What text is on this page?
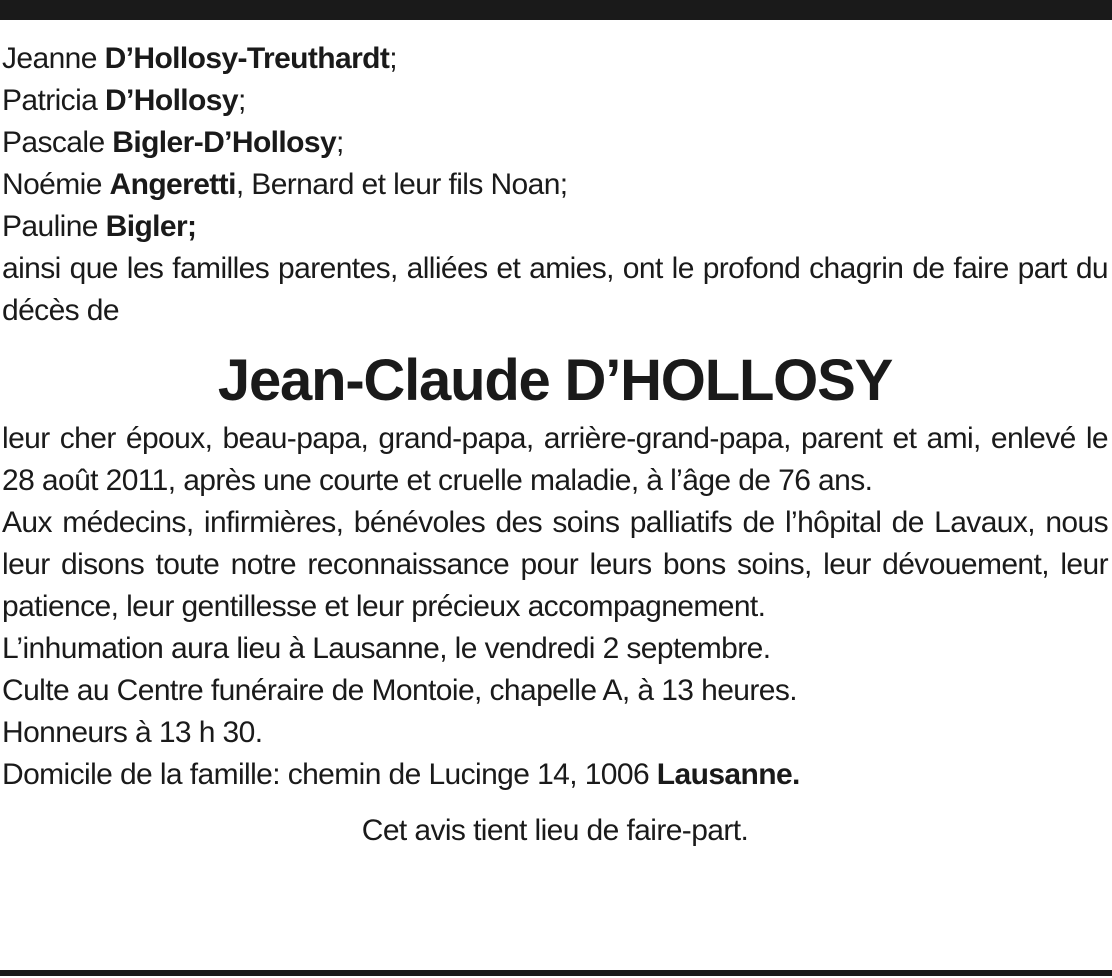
Jeanne D’Hollosy-Treuthardt;
Patricia D’Hollosy;
Pascale Bigler-D’Hollosy;
Noémie Angeretti, Bernard et leur fils Noan;
Pauline Bigler;
ainsi que les familles parentes, alliées et amies, ont le profond chagrin de faire part du décès de
Jean-Claude D’HOLLOSY
leur cher époux, beau-papa, grand-papa, arrière-grand-papa, parent et ami, enlevé le 28 août 2011, après une courte et cruelle maladie, à l’âge de 76 ans.
Aux médecins, infirmières, bénévoles des soins palliatifs de l’hôpital de Lavaux, nous leur disons toute notre reconnaissance pour leurs bons soins, leur dévouement, leur patience, leur gentillesse et leur précieux accompagnement.
L’inhumation aura lieu à Lausanne, le vendredi 2 septembre.
Culte au Centre funéraire de Montoie, chapelle A, à 13 heures.
Honneurs à 13 h 30.
Domicile de la famille: chemin de Lucinge 14, 1006 Lausanne.
Cet avis tient lieu de faire-part.
